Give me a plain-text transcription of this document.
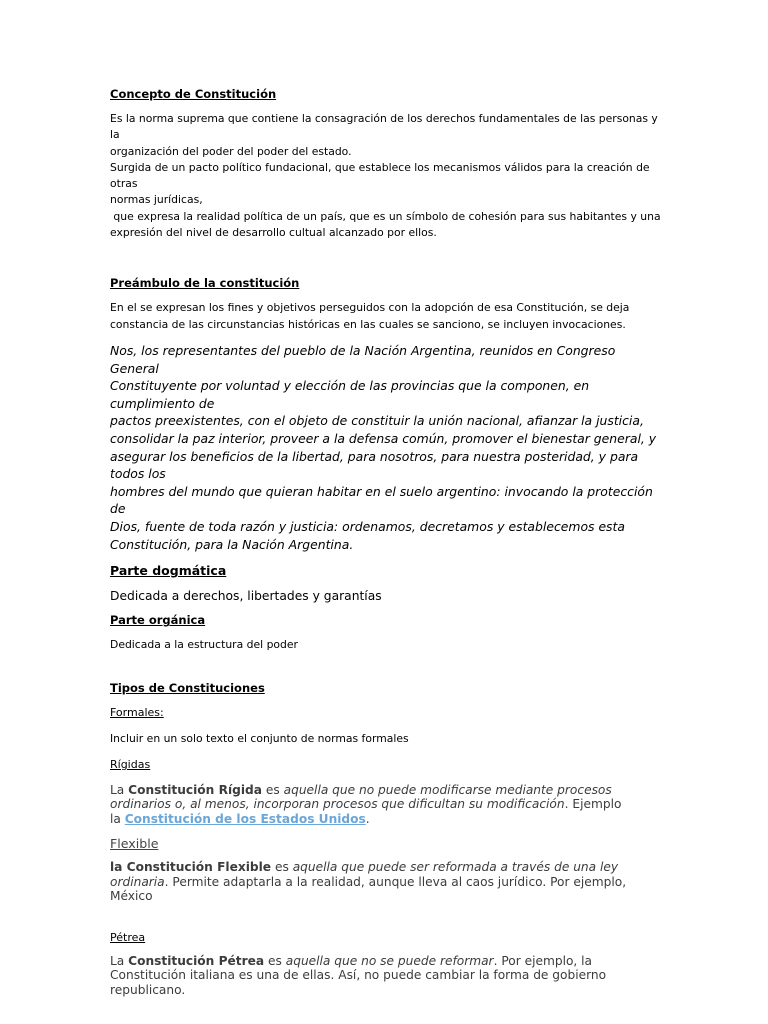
Concepto de Constitución
Es la norma suprema que contiene la consagración de los derechos fundamentales de las personas y la
organización del poder del poder del estado.
Surgida de un pacto político fundacional, que establece los mecanismos válidos para la creación de otras
normas jurídicas,
que expresa la realidad política de un país, que es un símbolo de cohesión para sus habitantes y una
expresión del nivel de desarrollo cultual alcanzado por ellos.
Preámbulo de la constitución
En el se expresan los fines y objetivos perseguidos con la adopción de esa Constitución, se deja
constancia de las circunstancias históricas en las cuales se sanciono, se incluyen invocaciones.
Nos, los representantes del pueblo de la Nación Argentina, reunidos en Congreso General
Constituyente por voluntad y elección de las provincias que la componen, en cumplimiento de
pactos preexistentes, con el objeto de constituir la unión nacional, afianzar la justicia,
consolidar la paz interior, proveer a la defensa común, promover el bienestar general, y
asegurar los beneficios de la libertad, para nosotros, para nuestra posteridad, y para todos los
hombres del mundo que quieran habitar en el suelo argentino: invocando la protección de
Dios, fuente de toda razón y justicia: ordenamos, decretamos y establecemos esta
Constitución, para la Nación Argentina.
Parte dogmática
Dedicada a derechos, libertades y garantías
Parte orgánica
Dedicada a la estructura del poder
Tipos de Constituciones
Formales:
Incluir en un solo texto el conjunto de normas formales
Rígidas
La Constitución Rígida es aquella que no puede modificarse mediante procesos
ordinarios o, al menos, incorporan procesos que dificultan su modificación. Ejemplo
la Constitución de los Estados Unidos.
Flexible
la Constitución Flexible es aquella que puede ser reformada a través de una ley
ordinaria. Permite adaptarla a la realidad, aunque lleva al caos jurídico. Por ejemplo,
México
Pétrea
La Constitución Pétrea es aquella que no se puede reformar. Por ejemplo, la
Constitución italiana es una de ellas. Así, no puede cambiar la forma de gobierno
republicano.
